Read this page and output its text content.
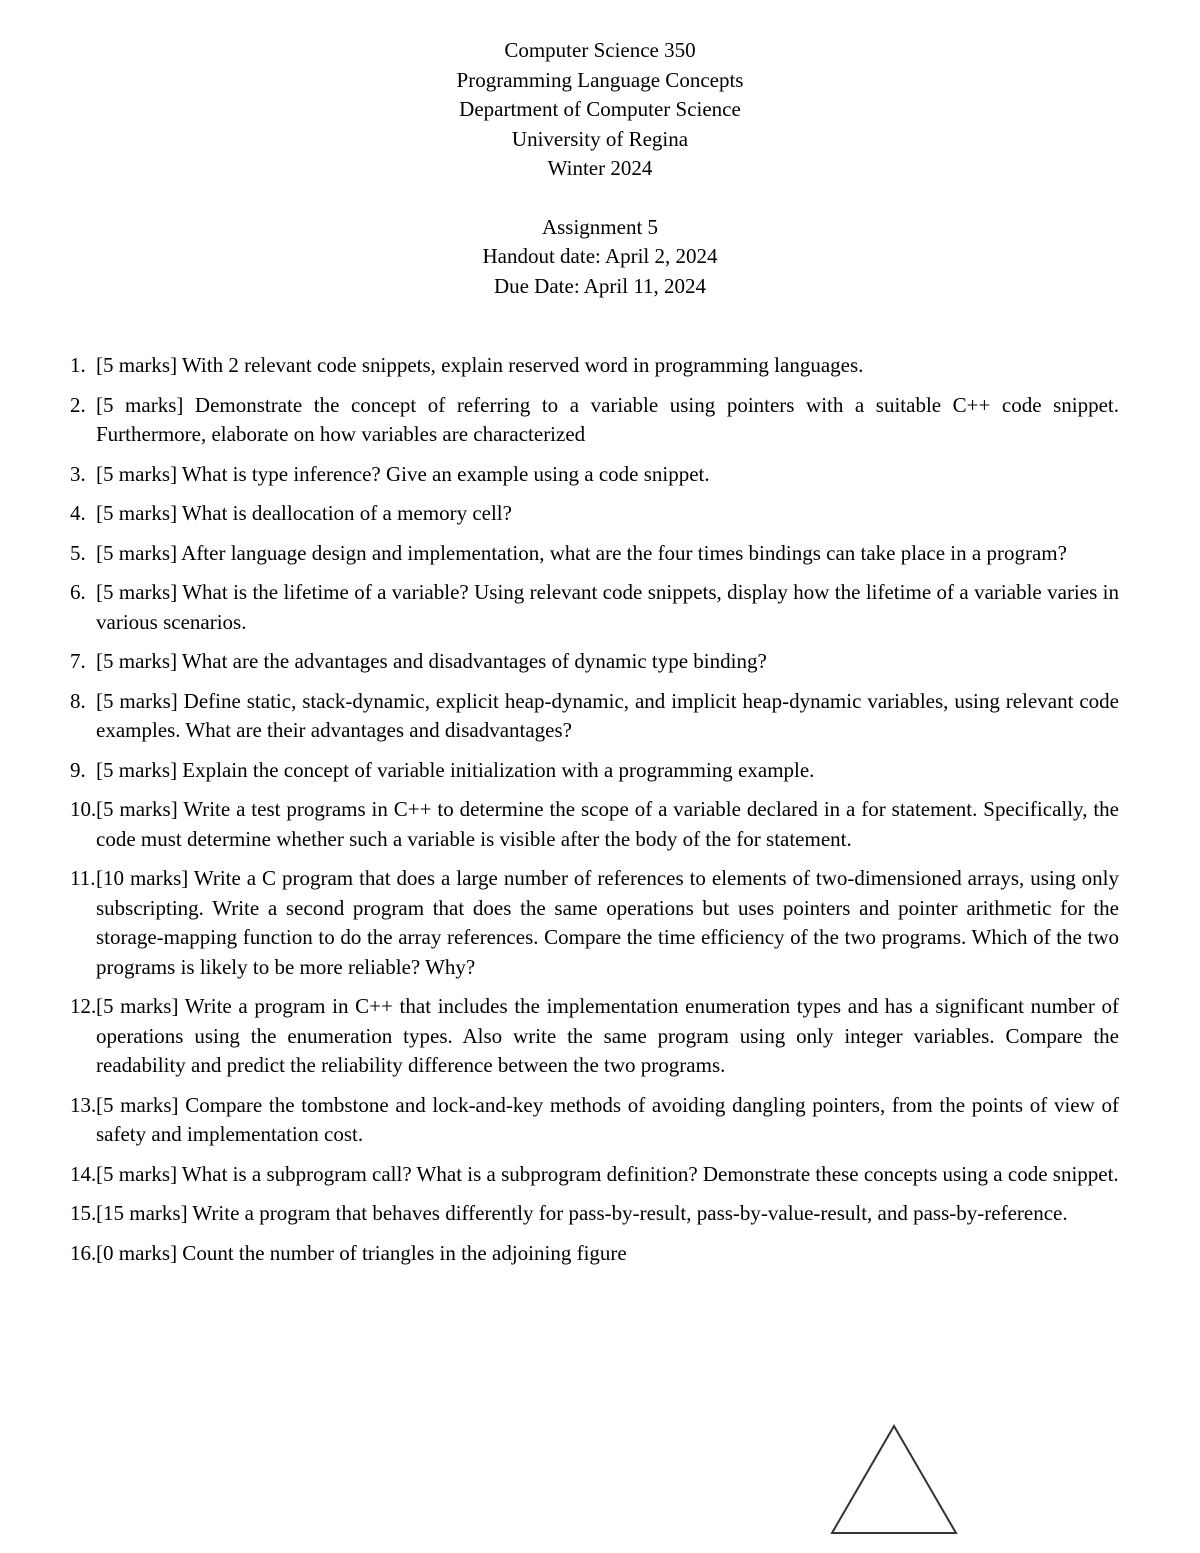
Computer Science 350
Programming Language Concepts
Department of Computer Science
University of Regina
Winter 2024
Assignment 5
Handout date: April 2, 2024
Due Date: April 11, 2024
1. [5 marks] With 2 relevant code snippets, explain reserved word in programming languages.
2. [5 marks] Demonstrate the concept of referring to a variable using pointers with a suitable C++ code snippet. Furthermore, elaborate on how variables are characterized
3. [5 marks] What is type inference? Give an example using a code snippet.
4. [5 marks] What is deallocation of a memory cell?
5. [5 marks] After language design and implementation, what are the four times bindings can take place in a program?
6. [5 marks] What is the lifetime of a variable? Using relevant code snippets, display how the lifetime of a variable varies in various scenarios.
7. [5 marks] What are the advantages and disadvantages of dynamic type binding?
8. [5 marks] Define static, stack-dynamic, explicit heap-dynamic, and implicit heap-dynamic variables, using relevant code examples. What are their advantages and disadvantages?
9. [5 marks] Explain the concept of variable initialization with a programming example.
10. [5 marks] Write a test programs in C++ to determine the scope of a variable declared in a for statement. Specifically, the code must determine whether such a variable is visible after the body of the for statement.
11. [10 marks] Write a C program that does a large number of references to elements of two-dimensioned arrays, using only subscripting. Write a second program that does the same operations but uses pointers and pointer arithmetic for the storage-mapping function to do the array references. Compare the time efficiency of the two programs. Which of the two programs is likely to be more reliable? Why?
12. [5 marks] Write a program in C++ that includes the implementation enumeration types and has a significant number of operations using the enumeration types. Also write the same program using only integer variables. Compare the readability and predict the reliability difference between the two programs.
13. [5 marks] Compare the tombstone and lock-and-key methods of avoiding dangling pointers, from the points of view of safety and implementation cost.
14. [5 marks] What is a subprogram call? What is a subprogram definition? Demonstrate these concepts using a code snippet.
15. [15 marks] Write a program that behaves differently for pass-by-result, pass-by-value-result, and pass-by-reference.
16. [0 marks] Count the number of triangles in the adjoining figure
